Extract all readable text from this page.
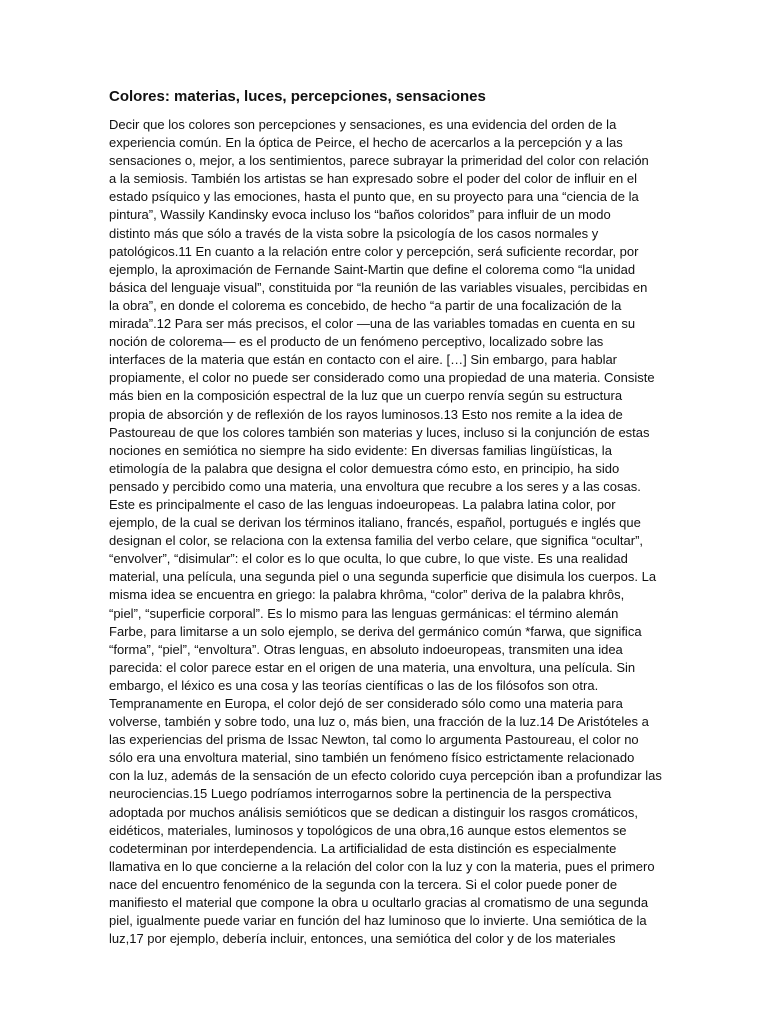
Colores: materias, luces, percepciones, sensaciones
Decir que los colores son percepciones y sensaciones, es una evidencia del orden de la
experiencia común. En la óptica de Peirce, el hecho de acercarlos a la percepción y a las
sensaciones o, mejor, a los sentimientos, parece subrayar la primeridad del color con relación
a la semiosis. También los artistas se han expresado sobre el poder del color de influir en el
estado psíquico y las emociones, hasta el punto que, en su proyecto para una “ciencia de la
pintura”, Wassily Kandinsky evoca incluso los “baños coloridos” para influir de un modo
distinto más que sólo a través de la vista sobre la psicología de los casos normales y
patológicos.11 En cuanto a la relación entre color y percepción, será suficiente recordar, por
ejemplo, la aproximación de Fernande Saint-Martin que define el colorema como “la unidad
básica del lenguaje visual”, constituida por “la reunión de las variables visuales, percibidas en
la obra”, en donde el colorema es concebido, de hecho “a partir de una focalización de la
mirada”.12 Para ser más precisos, el color —una de las variables tomadas en cuenta en su
noción de colorema— es el producto de un fenómeno perceptivo, localizado sobre las
interfaces de la materia que están en contacto con el aire. […] Sin embargo, para hablar
propiamente, el color no puede ser considerado como una propiedad de una materia. Consiste
más bien en la composición espectral de la luz que un cuerpo renvía según su estructura
propia de absorción y de reflexión de los rayos luminosos.13 Esto nos remite a la idea de
Pastoureau de que los colores también son materias y luces, incluso si la conjunción de estas
nociones en semiótica no siempre ha sido evidente: En diversas familias lingüísticas, la
etimología de la palabra que designa el color demuestra cómo esto, en principio, ha sido
pensado y percibido como una materia, una envoltura que recubre a los seres y a las cosas.
Este es principalmente el caso de las lenguas indoeuropeas. La palabra latina color, por
ejemplo, de la cual se derivan los términos italiano, francés, español, portugués e inglés que
designan el color, se relaciona con la extensa familia del verbo celare, que significa “ocultar”,
“envolver”, “disimular”: el color es lo que oculta, lo que cubre, lo que viste. Es una realidad
material, una película, una segunda piel o una segunda superficie que disimula los cuerpos. La
misma idea se encuentra en griego: la palabra khrôma, “color” deriva de la palabra khrôs,
“piel”, “superficie corporal”. Es lo mismo para las lenguas germánicas: el término alemán
Farbe, para limitarse a un solo ejemplo, se deriva del germánico común *farwa, que significa
“forma”, “piel”, “envoltura”. Otras lenguas, en absoluto indoeuropeas, transmiten una idea
parecida: el color parece estar en el origen de una materia, una envoltura, una película. Sin
embargo, el léxico es una cosa y las teorías científicas o las de los filósofos son otra.
Tempranamente en Europa, el color dejó de ser considerado sólo como una materia para
volverse, también y sobre todo, una luz o, más bien, una fracción de la luz.14 De Aristóteles a
las experiencias del prisma de Issac Newton, tal como lo argumenta Pastoureau, el color no
sólo era una envoltura material, sino también un fenómeno físico estrictamente relacionado
con la luz, además de la sensación de un efecto colorido cuya percepción iban a profundizar las
neurociencias.15 Luego podríamos interrogarnos sobre la pertinencia de la perspectiva
adoptada por muchos análisis semióticos que se dedican a distinguir los rasgos cromáticos,
eidéticos, materiales, luminosos y topológicos de una obra,16 aunque estos elementos se
codeterminan por interdependencia. La artificialidad de esta distinción es especialmente
llamativa en lo que concierne a la relación del color con la luz y con la materia, pues el primero
nace del encuentro fenoménico de la segunda con la tercera. Si el color puede poner de
manifiesto el material que compone la obra u ocultarlo gracias al cromatismo de una segunda
piel, igualmente puede variar en función del haz luminoso que lo invierte. Una semiótica de la
luz,17 por ejemplo, debería incluir, entonces, una semiótica del color y de los materiales
